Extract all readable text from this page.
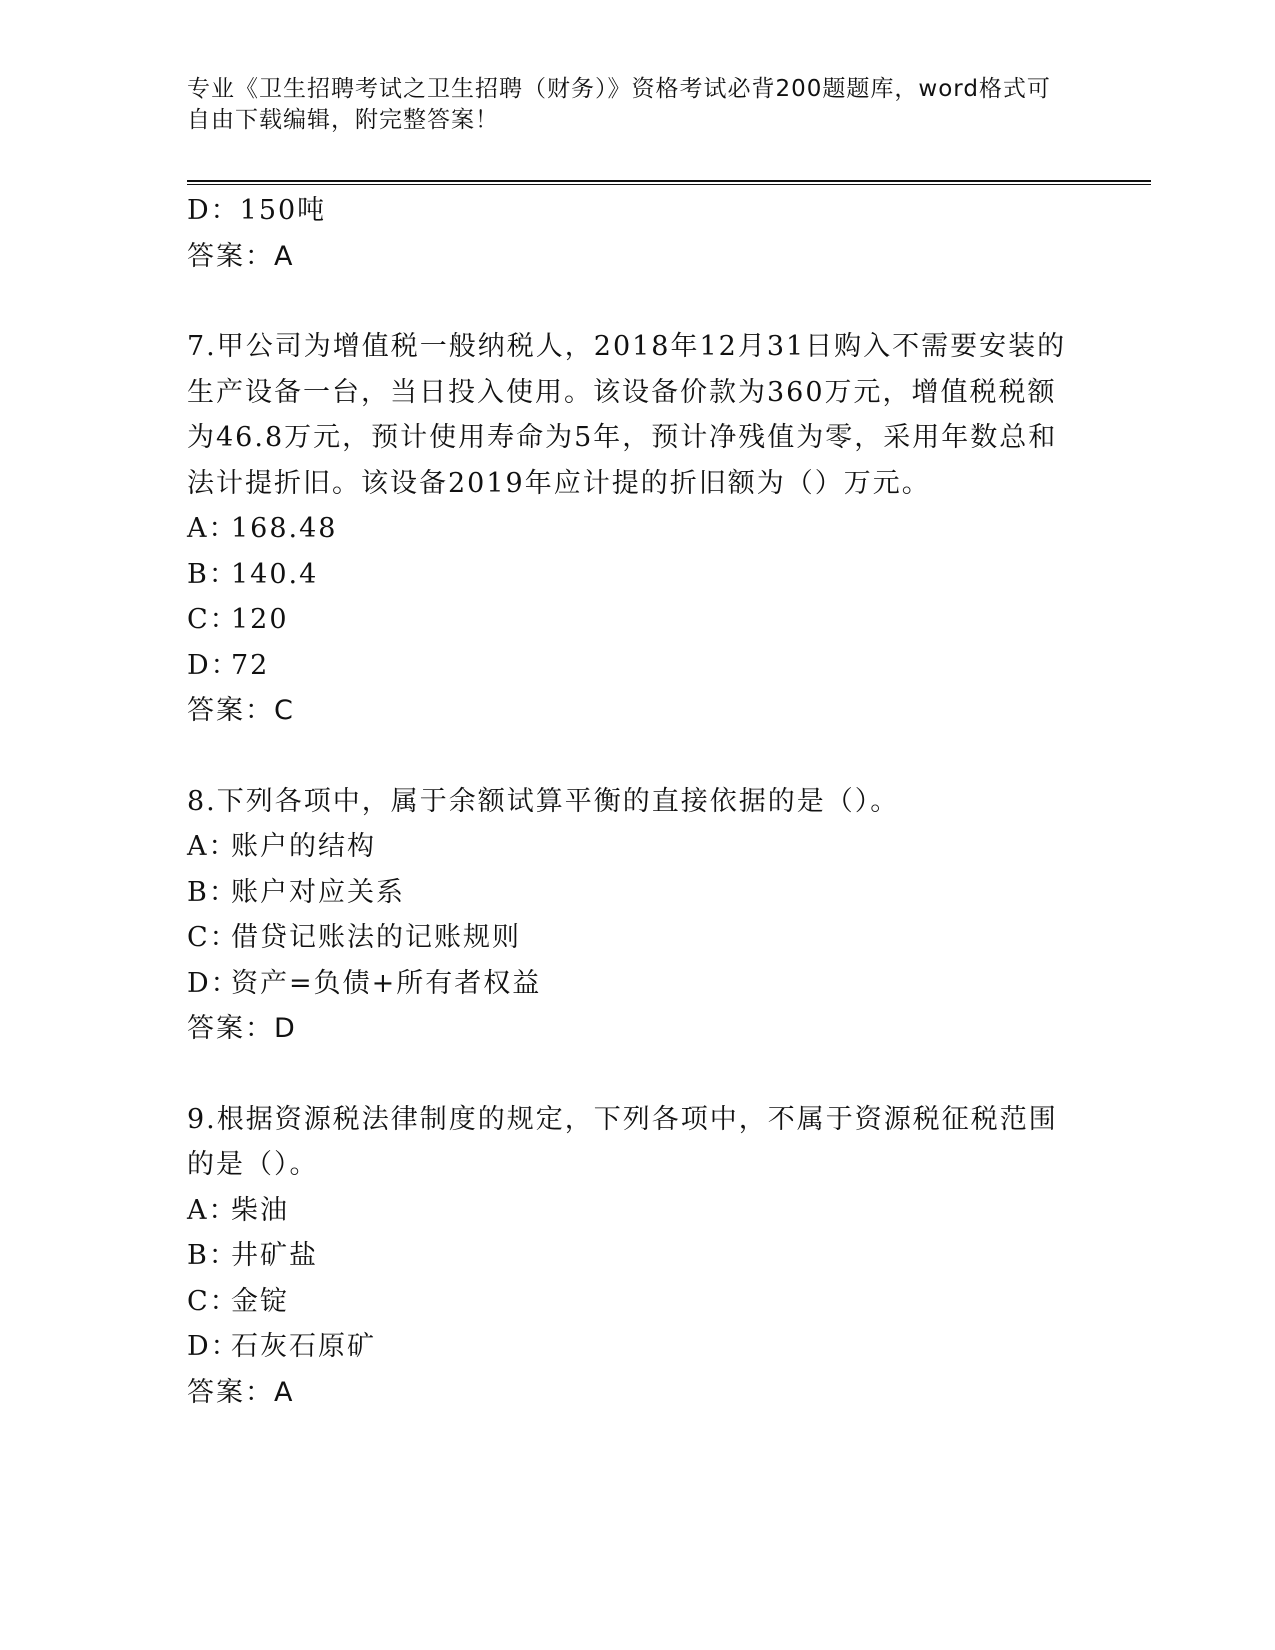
专业《卫生招聘考试之卫生招聘（财务）》资格考试必背200题题库，word格式可自由下载编辑，附完整答案！
D：150吨
答案：A
7.甲公司为增值税一般纳税人，2018年12月31日购入不需要安装的生产设备一台，当日投入使用。该设备价款为360万元，增值税税额为46.8万元，预计使用寿命为5年，预计净残值为零，采用年数总和法计提折旧。该设备2019年应计提的折旧额为（）万元。
A：168.48
B：140.4
C：120
D：72
答案：C
8.下列各项中，属于余额试算平衡的直接依据的是（）。
A：账户的结构
B：账户对应关系
C：借贷记账法的记账规则
D：资产=负债+所有者权益
答案：D
9.根据资源税法律制度的规定，下列各项中，不属于资源税征税范围的是（）。
A：柴油
B：井矿盐
C：金锭
D：石灰石原矿
答案：A
